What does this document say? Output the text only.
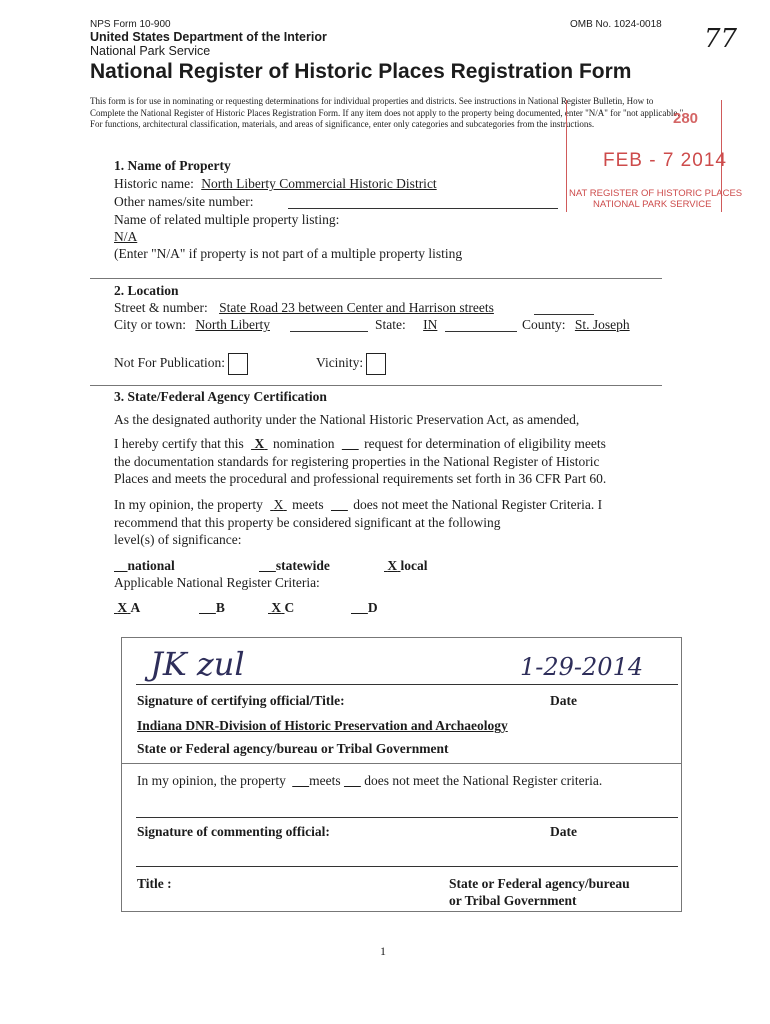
NPS Form 10-900	OMB No. 1024-0018
United States Department of the Interior
National Park Service
National Register of Historic Places Registration Form
77
This form is for use in nominating or requesting determinations for individual properties and districts. See instructions in National Register Bulletin, How to Complete the National Register of Historic Places Registration Form. If any item does not apply to the property being documented, enter "N/A" for "not applicable." For functions, architectural classification, materials, and areas of significance, enter only categories and subcategories from the instructions.	280
FEB - 7 2014
NAT REGISTER OF HISTORIC PLACES
NATIONAL PARK SERVICE
1. Name of Property
Historic name: North Liberty Commercial Historic District
Other names/site number:
Name of related multiple property listing:
N/A
(Enter "N/A" if property is not part of a multiple property listing
2. Location
Street & number: State Road 23 between Center and Harrison streets
City or town: North Liberty	State: IN	County: St. Joseph
Not For Publication:	Vicinity:
3. State/Federal Agency Certification
As the designated authority under the National Historic Preservation Act, as amended,
I hereby certify that this X nomination request for determination of eligibility meets
the documentation standards for registering properties in the National Register of Historic
Places and meets the procedural and professional requirements set forth in 36 CFR Part 60.
In my opinion, the property X meets does not meet the National Register Criteria. I
recommend that this property be considered significant at the following
level(s) of significance:
national	statewide	X local
Applicable National Register Criteria:
X A	B	X C	D
JK zul	1-29-2014
Signature of certifying official/Title:	Date
Indiana DNR-Division of Historic Preservation and Archaeology
State or Federal agency/bureau or Tribal Government
In my opinion, the property meets does not meet the National Register criteria.
Signature of commenting official:	Date
Title :	State or Federal agency/bureau
or Tribal Government
1
